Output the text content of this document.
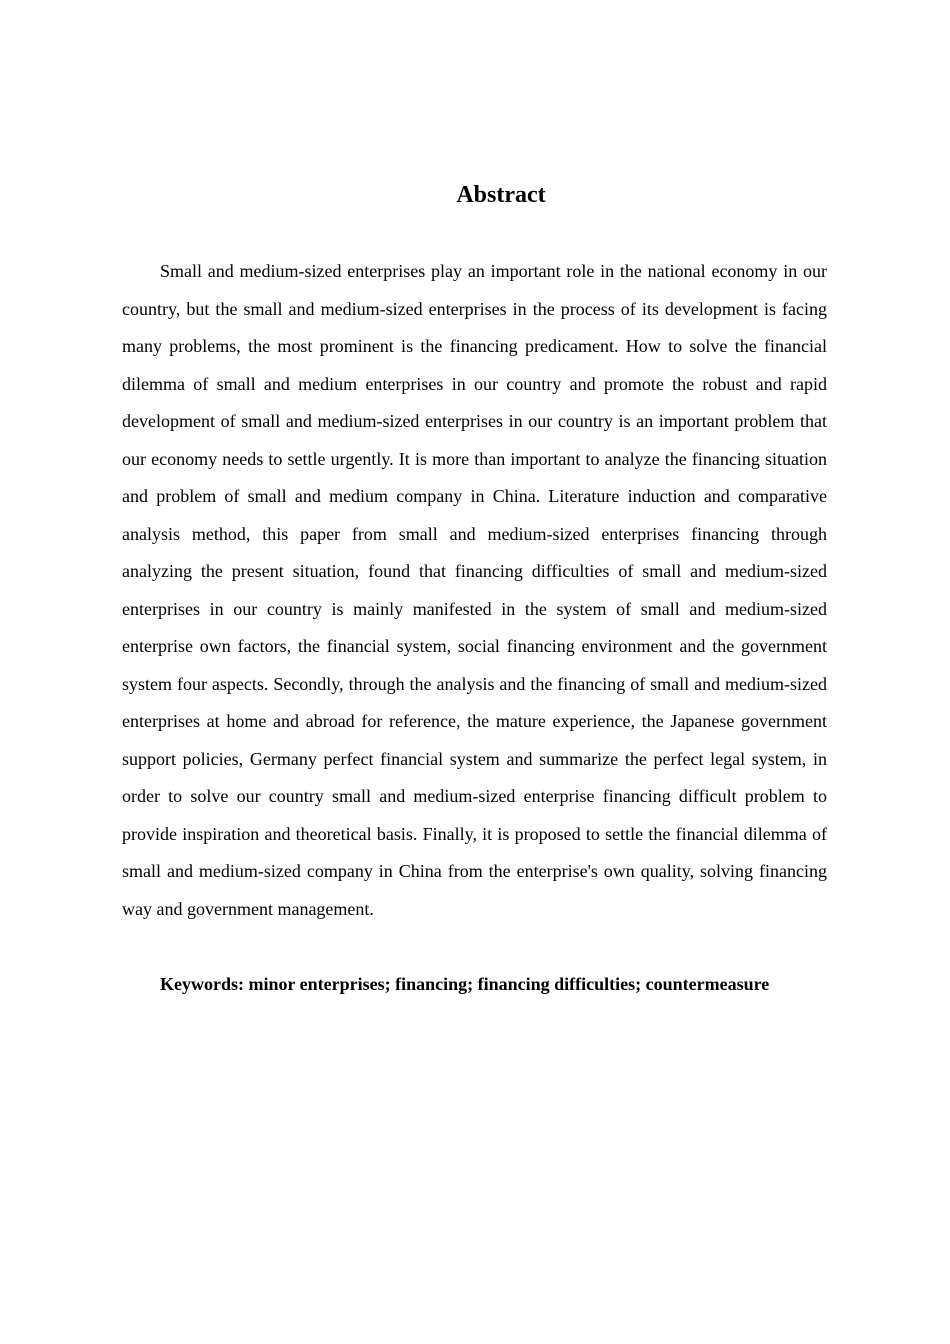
Abstract

Small and medium-sized enterprises play an important role in the national economy in our country, but the small and medium-sized enterprises in the process of its development is facing many problems, the most prominent is the financing predicament. How to solve the financial dilemma of small and medium enterprises in our country and promote the robust and rapid development of small and medium-sized enterprises in our country is an important problem that our economy needs to settle urgently. It is more than important to analyze the financing situation and problem of small and medium company in China. Literature induction and comparative analysis method, this paper from small and medium-sized enterprises financing through analyzing the present situation, found that financing difficulties of small and medium-sized enterprises in our country is mainly manifested in the system of small and medium-sized enterprise own factors, the financial system, social financing environment and the government system four aspects. Secondly, through the analysis and the financing of small and medium-sized enterprises at home and abroad for reference, the mature experience, the Japanese government support policies, Germany perfect financial system and summarize the perfect legal system, in order to solve our country small and medium-sized enterprise financing difficult problem to provide inspiration and theoretical basis. Finally, it is proposed to settle the financial dilemma of small and medium-sized company in China from the enterprise's own quality, solving financing way and government management.

Keywords: minor enterprises; financing; financing difficulties; countermeasure
